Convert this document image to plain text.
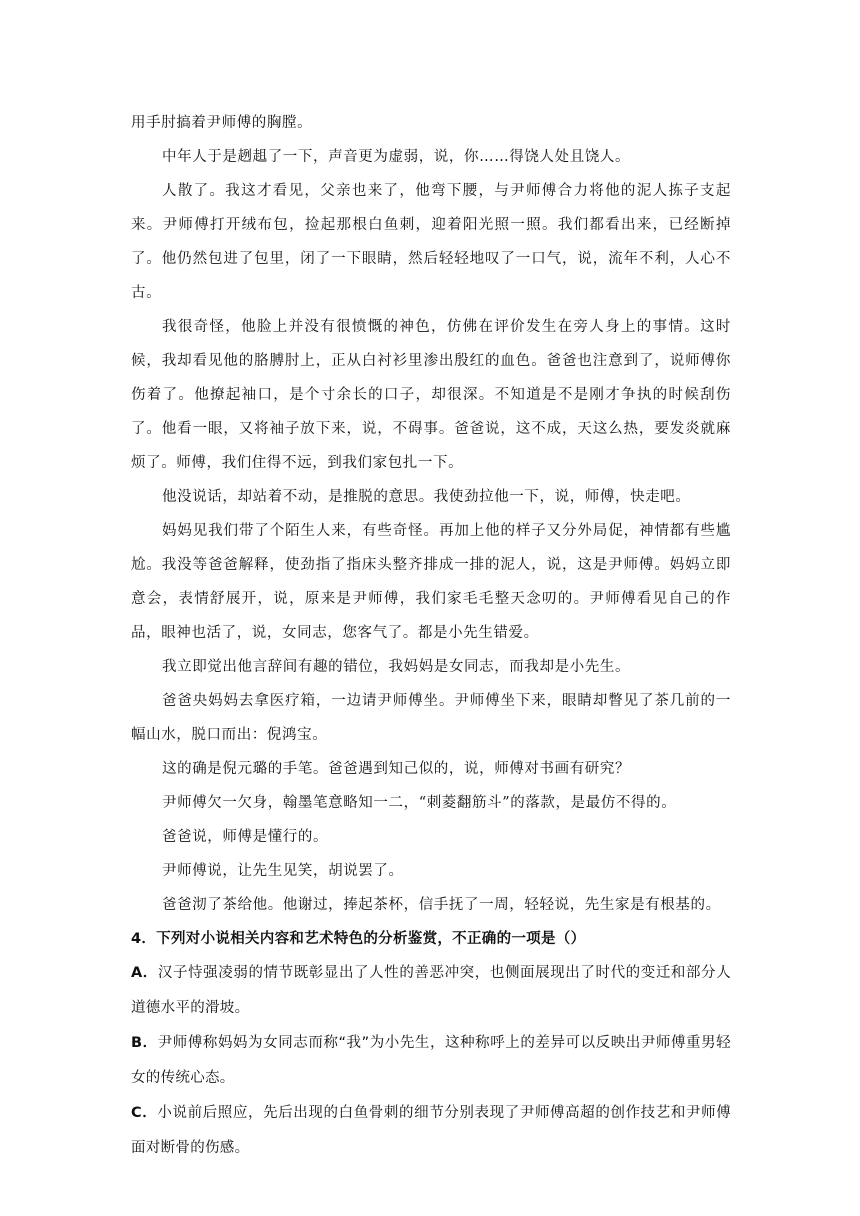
用手肘搞着尹师傅的胸膛。

中年人于是趔趄了一下，声音更为虚弱，说，你……得饶人处且饶人。

人散了。我这才看见，父亲也来了，他弯下腰，与尹师傅合力将他的泥人拣子支起来。尹师傅打开绒布包，捡起那根白鱼刺，迎着阳光照一照。我们都看出来，已经断掉了。他仍然包进了包里，闭了一下眼睛，然后轻轻地叹了一口气，说，流年不利，人心不古。

我很奇怪，他脸上并没有很愤慨的神色，仿佛在评价发生在旁人身上的事情。这时候，我却看见他的胳膊肘上，正从白衬衫里渗出殷红的血色。爸爸也注意到了，说师傅你伤着了。他撩起袖口，是个寸余长的口子，却很深。不知道是不是刚才争执的时候刮伤了。他看一眼，又将袖子放下来，说，不碍事。爸爸说，这不成，天这么热，要发炎就麻烦了。师傅，我们住得不远，到我们家包扎一下。

他没说话，却站着不动，是推脱的意思。我使劲拉他一下，说，师傅，快走吧。

妈妈见我们带了个陌生人来，有些奇怪。再加上他的样子又分外局促，神情都有些尴尬。我没等爸爸解释，使劲指了指床头整齐排成一排的泥人，说，这是尹师傅。妈妈立即意会，表情舒展开，说，原来是尹师傅，我们家毛毛整天念叨的。尹师傅看见自己的作品，眼神也活了，说，女同志，您客气了。都是小先生错爱。

我立即觉出他言辞间有趣的错位，我妈妈是女同志，而我却是小先生。

爸爸央妈妈去拿医疗箱，一边请尹师傅坐。尹师傅坐下来，眼睛却瞥见了茶几前的一幅山水，脱口而出：倪鸿宝。

这的确是倪元璐的手笔。爸爸遇到知己似的，说，师傅对书画有研究？

尹师傅欠一欠身，翰墨笔意略知一二，“刺菱翻筋斗”的落款，是最仿不得的。

爸爸说，师傅是懂行的。

尹师傅说，让先生见笑，胡说罢了。

爸爸沏了茶给他。他谢过，捧起茶杯，信手抚了一周，轻轻说，先生家是有根基的。

4．下列对小说相关内容和艺术特色的分析鉴赏，不正确的一项是（）

A．汉子恃强凌弱的情节既彰显出了人性的善恶冲突，也侧面展现出了时代的变迁和部分人道德水平的滑坡。

B．尹师傅称妈妈为女同志而称“我”为小先生，这种称呼上的差异可以反映出尹师傅重男轻女的传统心态。

C．小说前后照应，先后出现的白鱼骨刺的细节分别表现了尹师傅高超的创作技艺和尹师傅面对断骨的伤感。
